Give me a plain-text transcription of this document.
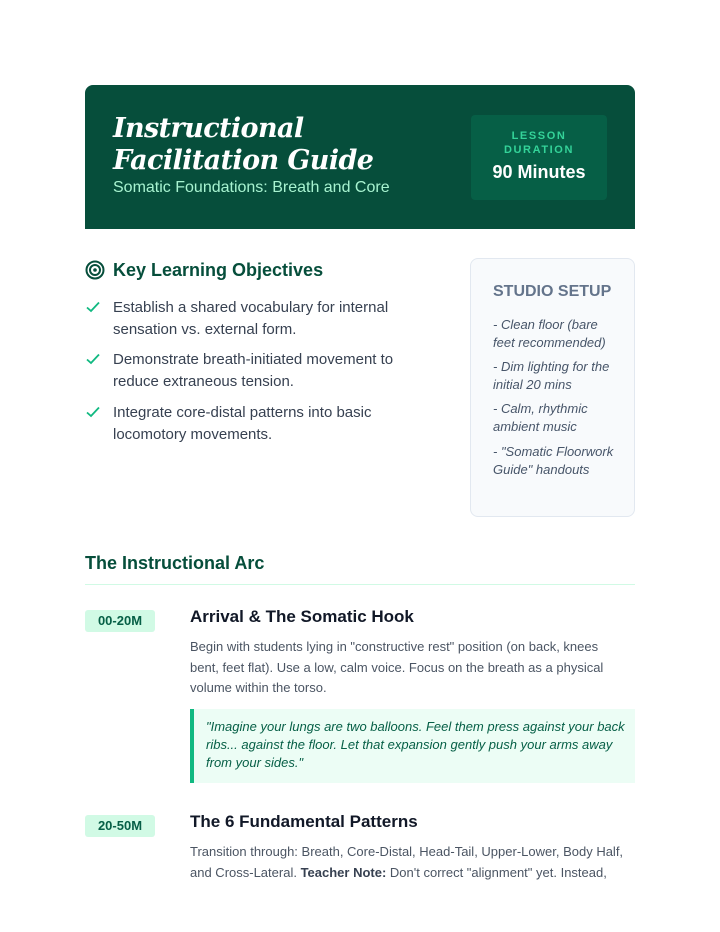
Instructional Facilitation Guide
Somatic Foundations: Breath and Core
LESSON DURATION
90 Minutes
Key Learning Objectives
Establish a shared vocabulary for internal sensation vs. external form.
Demonstrate breath-initiated movement to reduce extraneous tension.
Integrate core-distal patterns into basic locomotory movements.
STUDIO SETUP
- Clean floor (bare feet recommended)
- Dim lighting for the initial 20 mins
- Calm, rhythmic ambient music
- "Somatic Floorwork Guide" handouts
The Instructional Arc
00-20M	Arrival & The Somatic Hook
Begin with students lying in "constructive rest" position (on back, knees bent, feet flat). Use a low, calm voice. Focus on the breath as a physical volume within the torso.
"Imagine your lungs are two balloons. Feel them press against your back ribs... against the floor. Let that expansion gently push your arms away from your sides."
20-50M	The 6 Fundamental Patterns
Transition through: Breath, Core-Distal, Head-Tail, Upper-Lower, Body Half, and Cross-Lateral. Teacher Note: Don't correct "alignment" yet. Instead,
